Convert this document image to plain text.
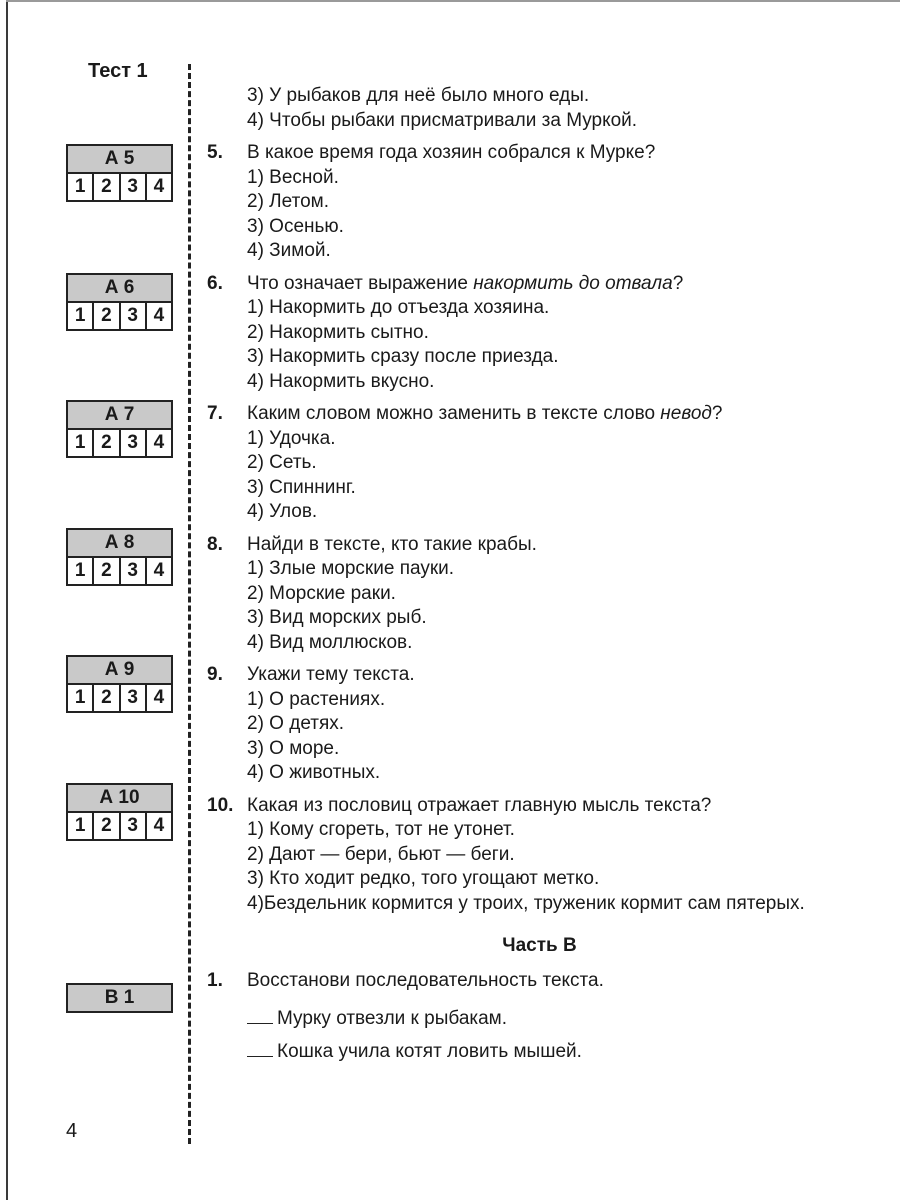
Тест 1
4
А 5
1 2 3 4
А 6
1 2 3 4
А 7
1 2 3 4
А 8
1 2 3 4
А 9
1 2 3 4
А 10
1 2 3 4
В 1
3) У рыбаков для неё было много еды.
4) Чтобы рыбаки присматривали за Муркой.
5. В какое время года хозяин собрался к Мурке?
1) Весной.
2) Летом.
3) Осенью.
4) Зимой.
6. Что означает выражение накормить до отвала?
1) Накормить до отъезда хозяина.
2) Накормить сытно.
3) Накормить сразу после приезда.
4) Накормить вкусно.
7. Каким словом можно заменить в тексте слово невод?
1) Удочка.
2) Сеть.
3) Спиннинг.
4) Улов.
8. Найди в тексте, кто такие крабы.
1) Злые морские пауки.
2) Морские раки.
3) Вид морских рыб.
4) Вид моллюсков.
9. Укажи тему текста.
1) О растениях.
2) О детях.
3) О море.
4) О животных.
10. Какая из пословиц отражает главную мысль текста?
1) Кому сгореть, тот не утонет.
2) Дают — бери, бьют — беги.
3) Кто ходит редко, того угощают метко.
4) Бездельник кормится у троих, труженик кормит сам пятерых.
Часть В
1. Восстанови последовательность текста.
Мурку отвезли к рыбакам.
Кошка учила котят ловить мышей.
